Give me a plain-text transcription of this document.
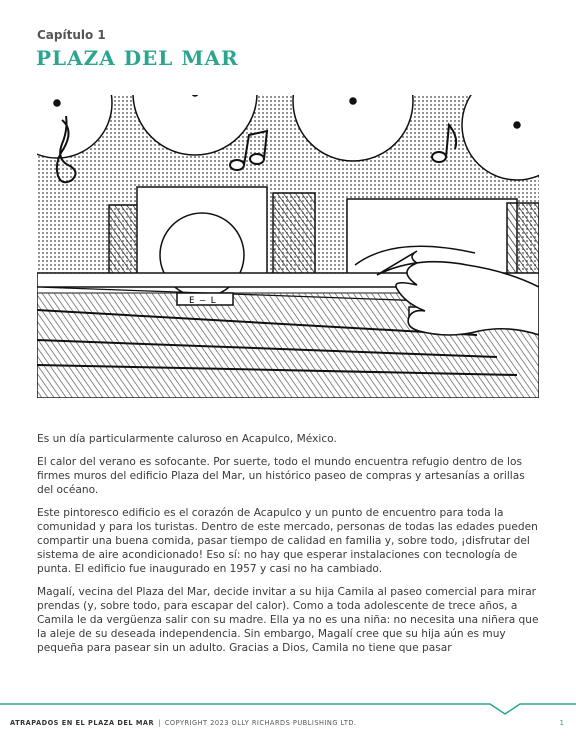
Capítulo 1
PLAZA DEL MAR
E – L

Es un día particularmente caluroso en Acapulco, México.

El calor del verano es sofocante. Por suerte, todo el mundo encuentra refugio dentro de los firmes muros del edificio Plaza del Mar, un histórico paseo de compras y artesanías a orillas del océano.

Este pintoresco edificio es el corazón de Acapulco y un punto de encuentro para toda la comunidad y para los turistas. Dentro de este mercado, personas de todas las edades pueden compartir una buena comida, pasar tiempo de calidad en familia y, sobre todo, ¡disfrutar del sistema de aire acondicionado! Eso sí: no hay que esperar instalaciones con tecnología de punta. El edificio fue inaugurado en 1957 y casi no ha cambiado.

Magalí, vecina del Plaza del Mar, decide invitar a su hija Camila al paseo comercial para mirar prendas (y, sobre todo, para escapar del calor). Como a toda adolescente de trece años, a Camila le da vergüenza salir con su madre. Ella ya no es una niña: no necesita una niñera que la aleje de su deseada independencia. Sin embargo, Magalí cree que su hija aún es muy pequeña para pasear sin un adulto. Gracias a Dios, Camila no tiene que pasar

ATRAPADOS EN EL PLAZA DEL MAR | COPYRIGHT 2023 OLLY RICHARDS PUBLISHING LTD.	1
